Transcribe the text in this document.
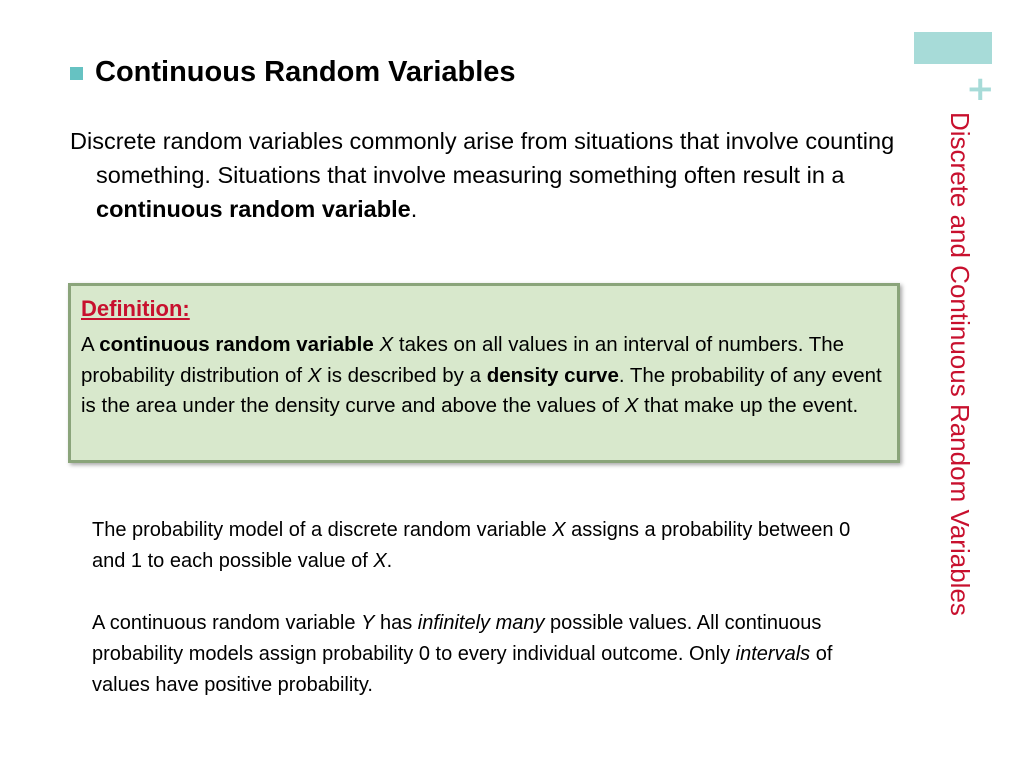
+
Discrete and Continuous Random Variables
Continuous Random Variables
Discrete random variables commonly arise from situations that involve counting something. Situations that involve measuring something often result in a continuous random variable.
Definition:
A continuous random variable X takes on all values in an interval of numbers. The probability distribution of X is described by a density curve. The probability of any event is the area under the density curve and above the values of X that make up the event.
The probability model of a discrete random variable X assigns a probability between 0 and 1 to each possible value of X.
A continuous random variable Y has infinitely many possible values. All continuous probability models assign probability 0 to every individual outcome. Only intervals of values have positive probability.
